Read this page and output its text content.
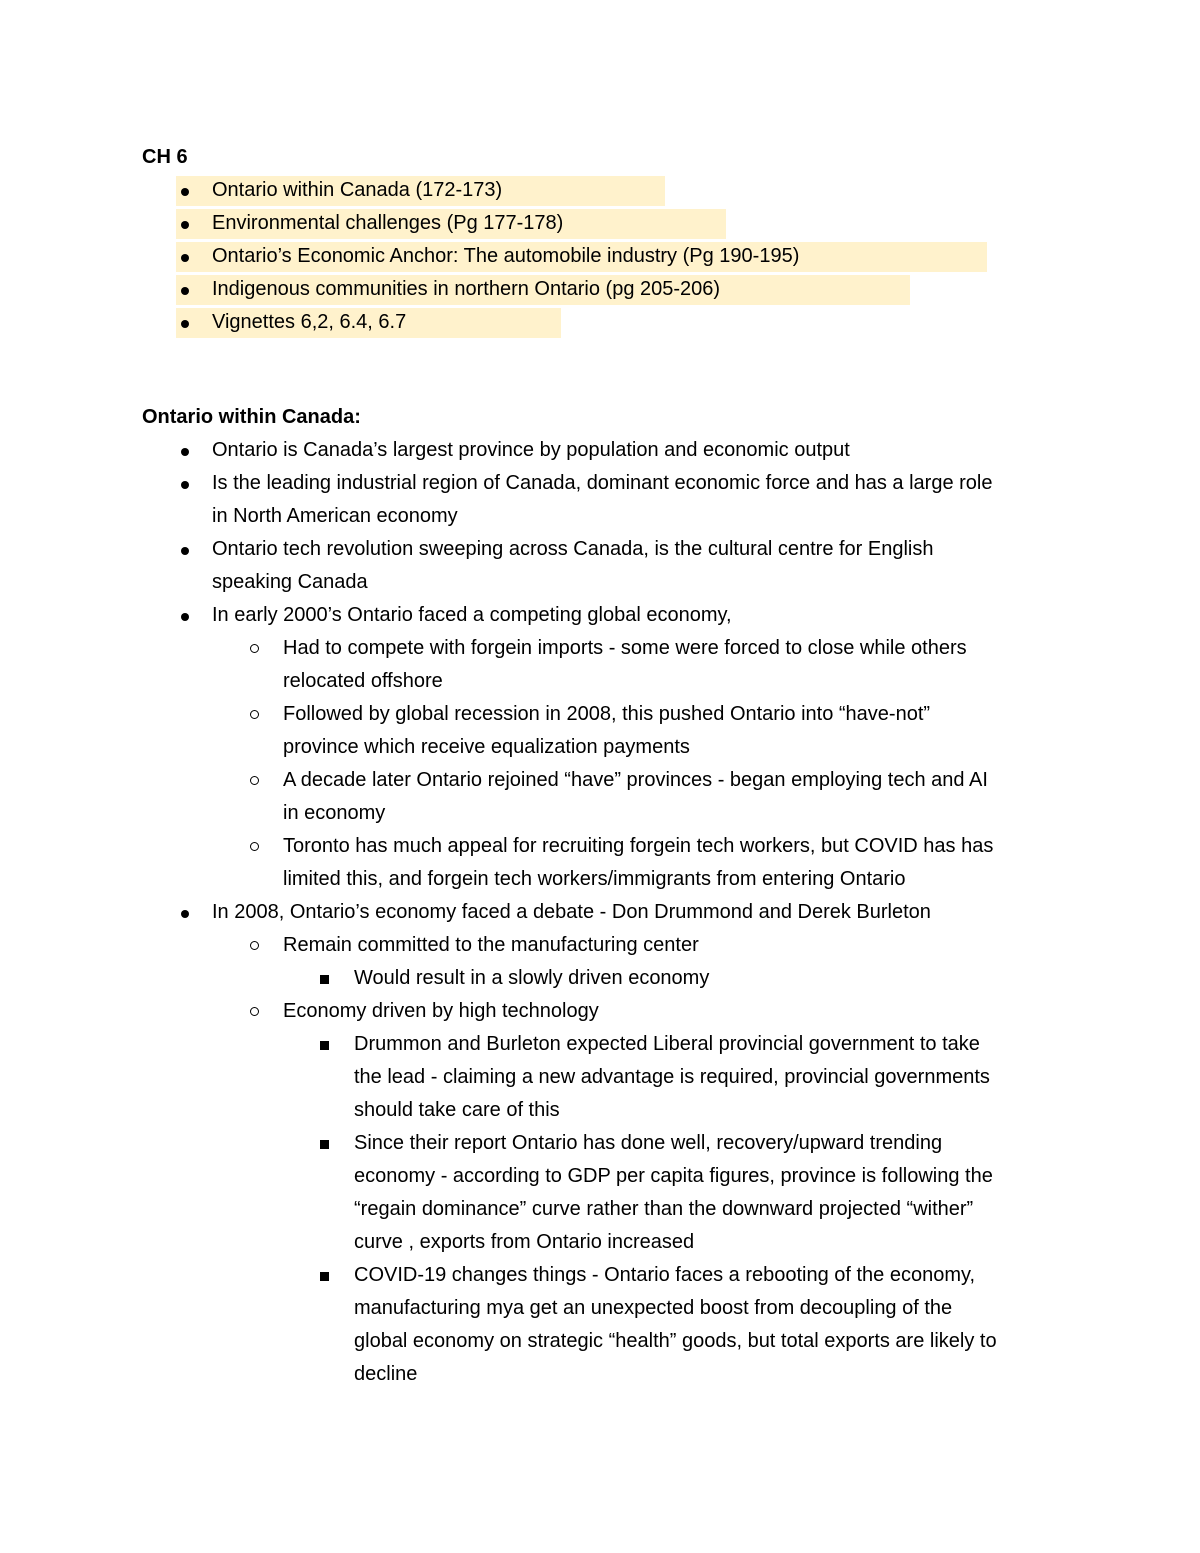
CH 6
Ontario within Canada (172-173)
Environmental challenges (Pg 177-178)
Ontario’s Economic Anchor: The automobile industry (Pg 190-195)
Indigenous communities in northern Ontario (pg 205-206)
Vignettes 6,2, 6.4, 6.7
Ontario within Canada:
Ontario is Canada’s largest province by population and economic output
Is the leading industrial region of Canada, dominant economic force and has a large role
in North American economy
Ontario tech revolution sweeping across Canada, is the cultural centre for English
speaking Canada
In early 2000’s Ontario faced a competing global economy,
Had to compete with forgein imports - some were forced to close while others
relocated offshore
Followed by global recession in 2008, this pushed Ontario into “have-not”
province which receive equalization payments
A decade later Ontario rejoined “have” provinces - began employing tech and AI
in economy
Toronto has much appeal for recruiting forgein tech workers, but COVID has has
limited this, and forgein tech workers/immigrants from entering Ontario
In 2008, Ontario’s economy faced a debate - Don Drummond and Derek Burleton
Remain committed to the manufacturing center
Would result in a slowly driven economy
Economy driven by high technology
Drummon and Burleton expected Liberal provincial government to take
the lead - claiming a new advantage is required, provincial governments
should take care of this
Since their report Ontario has done well, recovery/upward trending
economy - according to GDP per capita figures, province is following the
“regain dominance” curve rather than the downward projected “wither”
curve , exports from Ontario increased
COVID-19 changes things - Ontario faces a rebooting of the economy,
manufacturing mya get an unexpected boost from decoupling of the
global economy on strategic “health” goods, but total exports are likely to
decline
